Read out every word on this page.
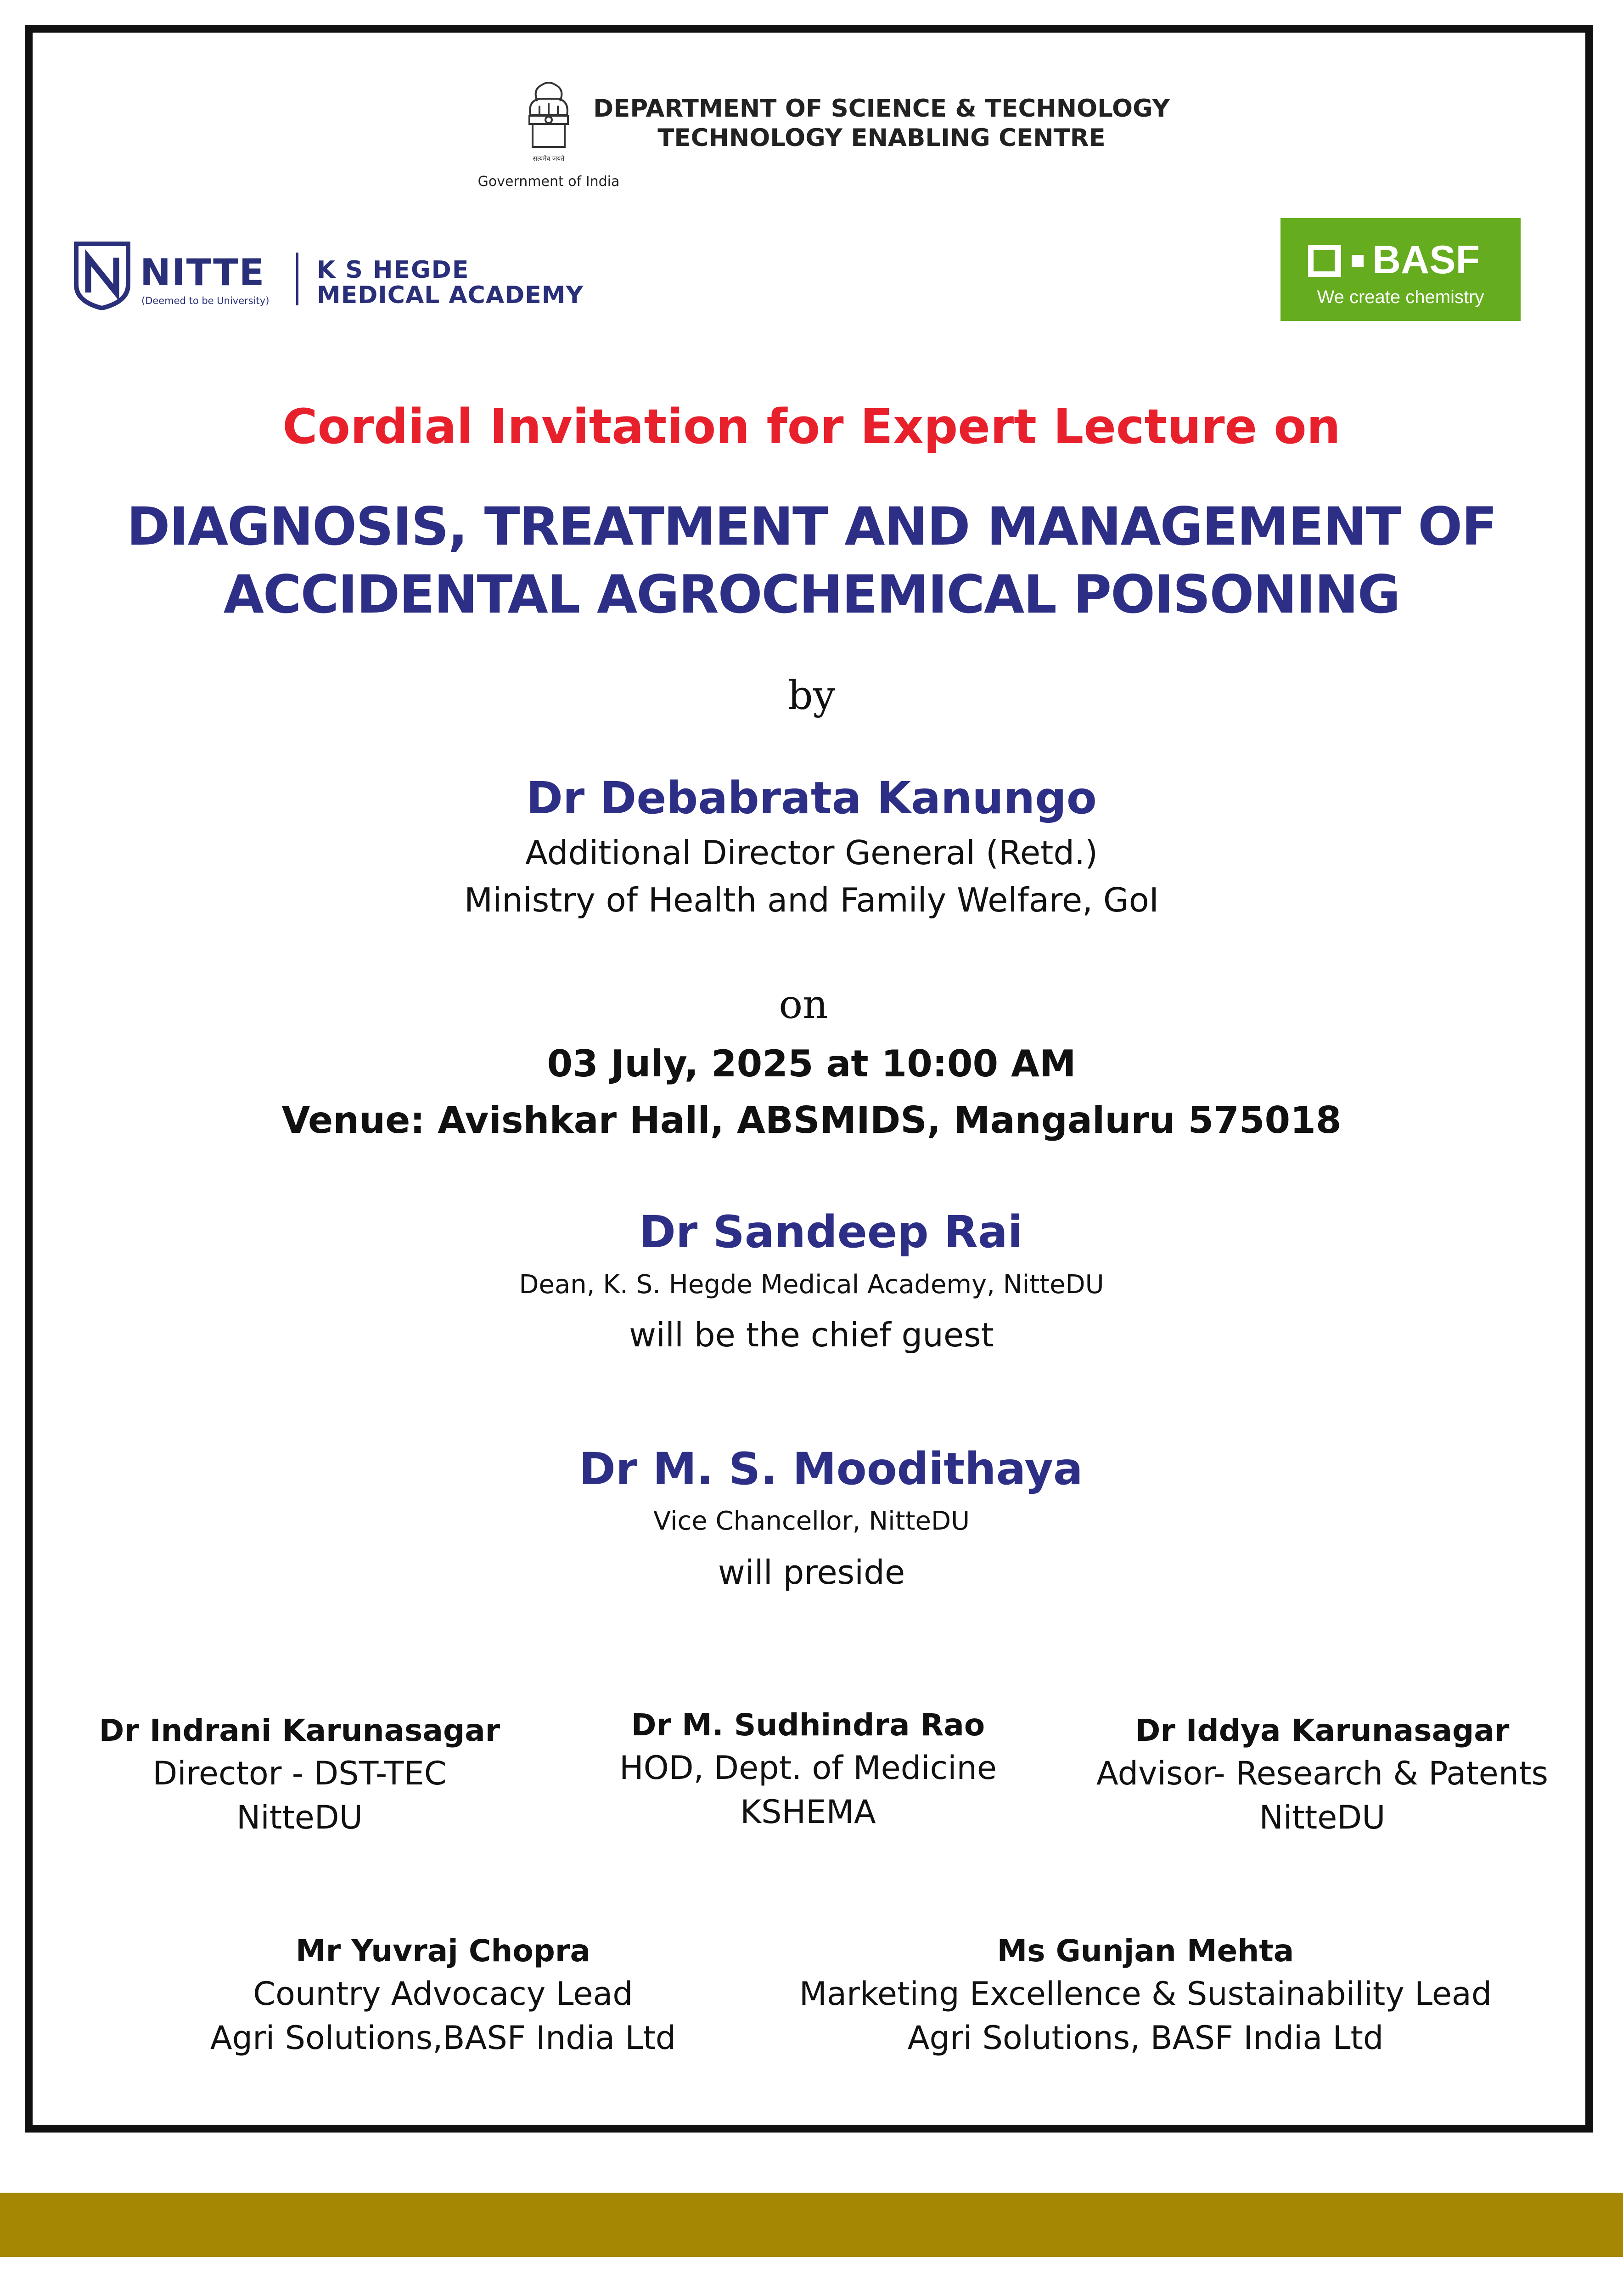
सत्यमेव जयते
Government of India
DEPARTMENT OF SCIENCE & TECHNOLOGY
TECHNOLOGY ENABLING CENTRE
NITTE
(Deemed to be University)
K S HEGDE
MEDICAL ACADEMY
BASF
We create chemistry
Cordial Invitation for Expert Lecture on
DIAGNOSIS, TREATMENT AND MANAGEMENT OF
ACCIDENTAL AGROCHEMICAL POISONING
by
Dr Debabrata Kanungo
Additional Director General (Retd.)
Ministry of Health and Family Welfare, GoI
on
03 July, 2025 at 10:00 AM
Venue: Avishkar Hall, ABSMIDS, Mangaluru 575018
Dr Sandeep Rai
Dean, K. S. Hegde Medical Academy, NitteDU
will be the chief guest
Dr M. S. Moodithaya
Vice Chancellor, NitteDU
will preside
Dr Indrani Karunasagar
Director - DST-TEC
NitteDU
Dr M. Sudhindra Rao
HOD, Dept. of Medicine
KSHEMA
Dr Iddya Karunasagar
Advisor- Research & Patents
NitteDU
Mr Yuvraj Chopra
Country Advocacy Lead
Agri Solutions,BASF India Ltd
Ms Gunjan Mehta
Marketing Excellence & Sustainability Lead
Agri Solutions, BASF India Ltd
